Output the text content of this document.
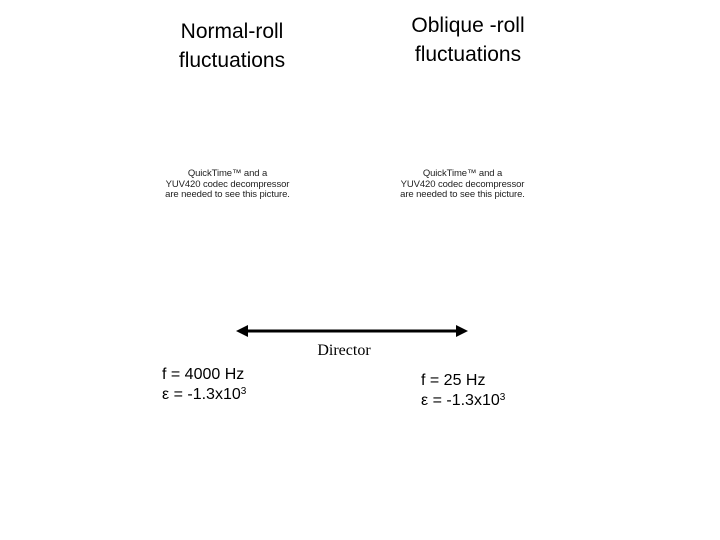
Normal-roll
fluctuations
Oblique -roll
fluctuations
QuickTime™ and a
YUV420 codec decompressor
are needed to see this picture.
QuickTime™ and a
YUV420 codec decompressor
are needed to see this picture.
Director
f = 4000 Hz
$\varepsilon = -1.3x10^3$
f = 25 Hz
$\varepsilon = -1.3x10^3$
